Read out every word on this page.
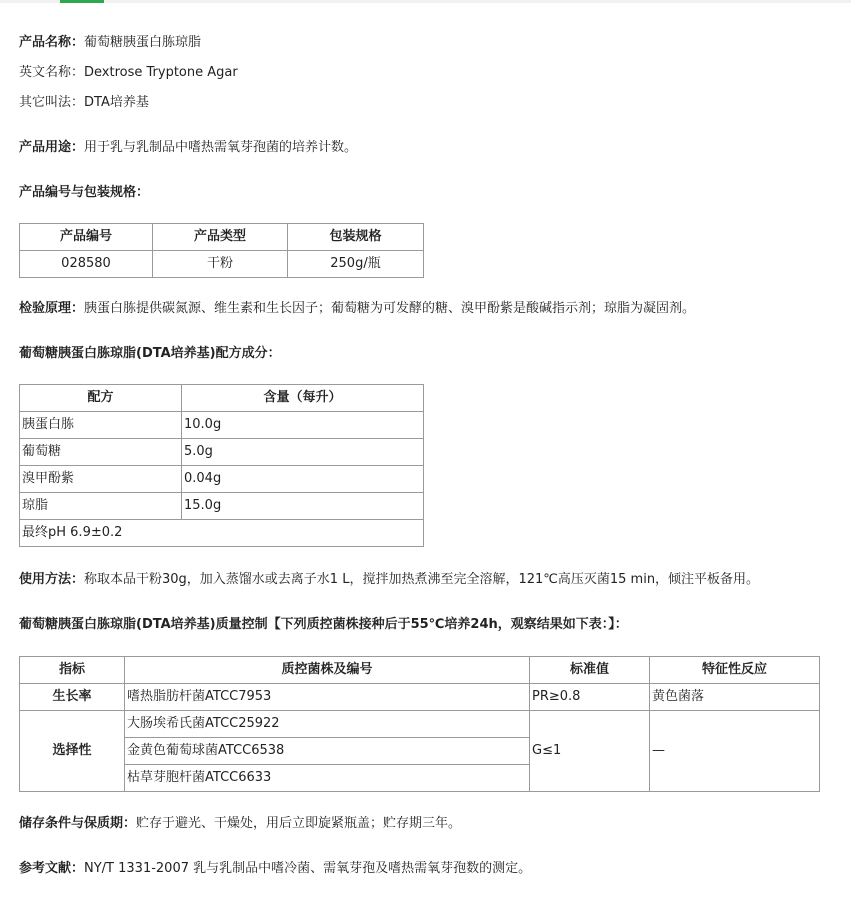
产品名称：葡萄糖胰蛋白胨琼脂
英文名称：Dextrose Tryptone Agar
其它叫法：DTA培养基
产品用途：用于乳与乳制品中嗜热需氧芽孢菌的培养计数。
产品编号与包装规格：
产品编号	产品类型	包装规格
028580	干粉	250g/瓶
检验原理：胰蛋白胨提供碳氮源、维生素和生长因子；葡萄糖为可发酵的糖、溴甲酚紫是酸碱指示剂；琼脂为凝固剂。
葡萄糖胰蛋白胨琼脂(DTA培养基)配方成分：
配方	含量（每升）
胰蛋白胨	10.0g
葡萄糖	5.0g
溴甲酚紫	0.04g
琼脂	15.0g
最终pH 6.9±0.2	
使用方法：称取本品干粉30g，加入蒸馏水或去离子水1 L，搅拌加热煮沸至完全溶解，121℃高压灭菌15 min，倾注平板备用。
葡萄糖胰蛋白胨琼脂(DTA培养基)质量控制【下列质控菌株接种后于55℃培养24h，观察结果如下表：】：
指标	质控菌株及编号	标准值	特征性反应
生长率	嗜热脂肪杆菌ATCC7953	PR≥0.8	黄色菌落
选择性	大肠埃希氏菌ATCC25922	G≤1	—
	金黄色葡萄球菌ATCC6538		
	枯草芽胞杆菌ATCC6633		
储存条件与保质期：贮存于避光、干燥处，用后立即旋紧瓶盖；贮存期三年。
参考文献：NY/T 1331-2007 乳与乳制品中嗜冷菌、需氧芽孢及嗜热需氧芽孢数的测定。
